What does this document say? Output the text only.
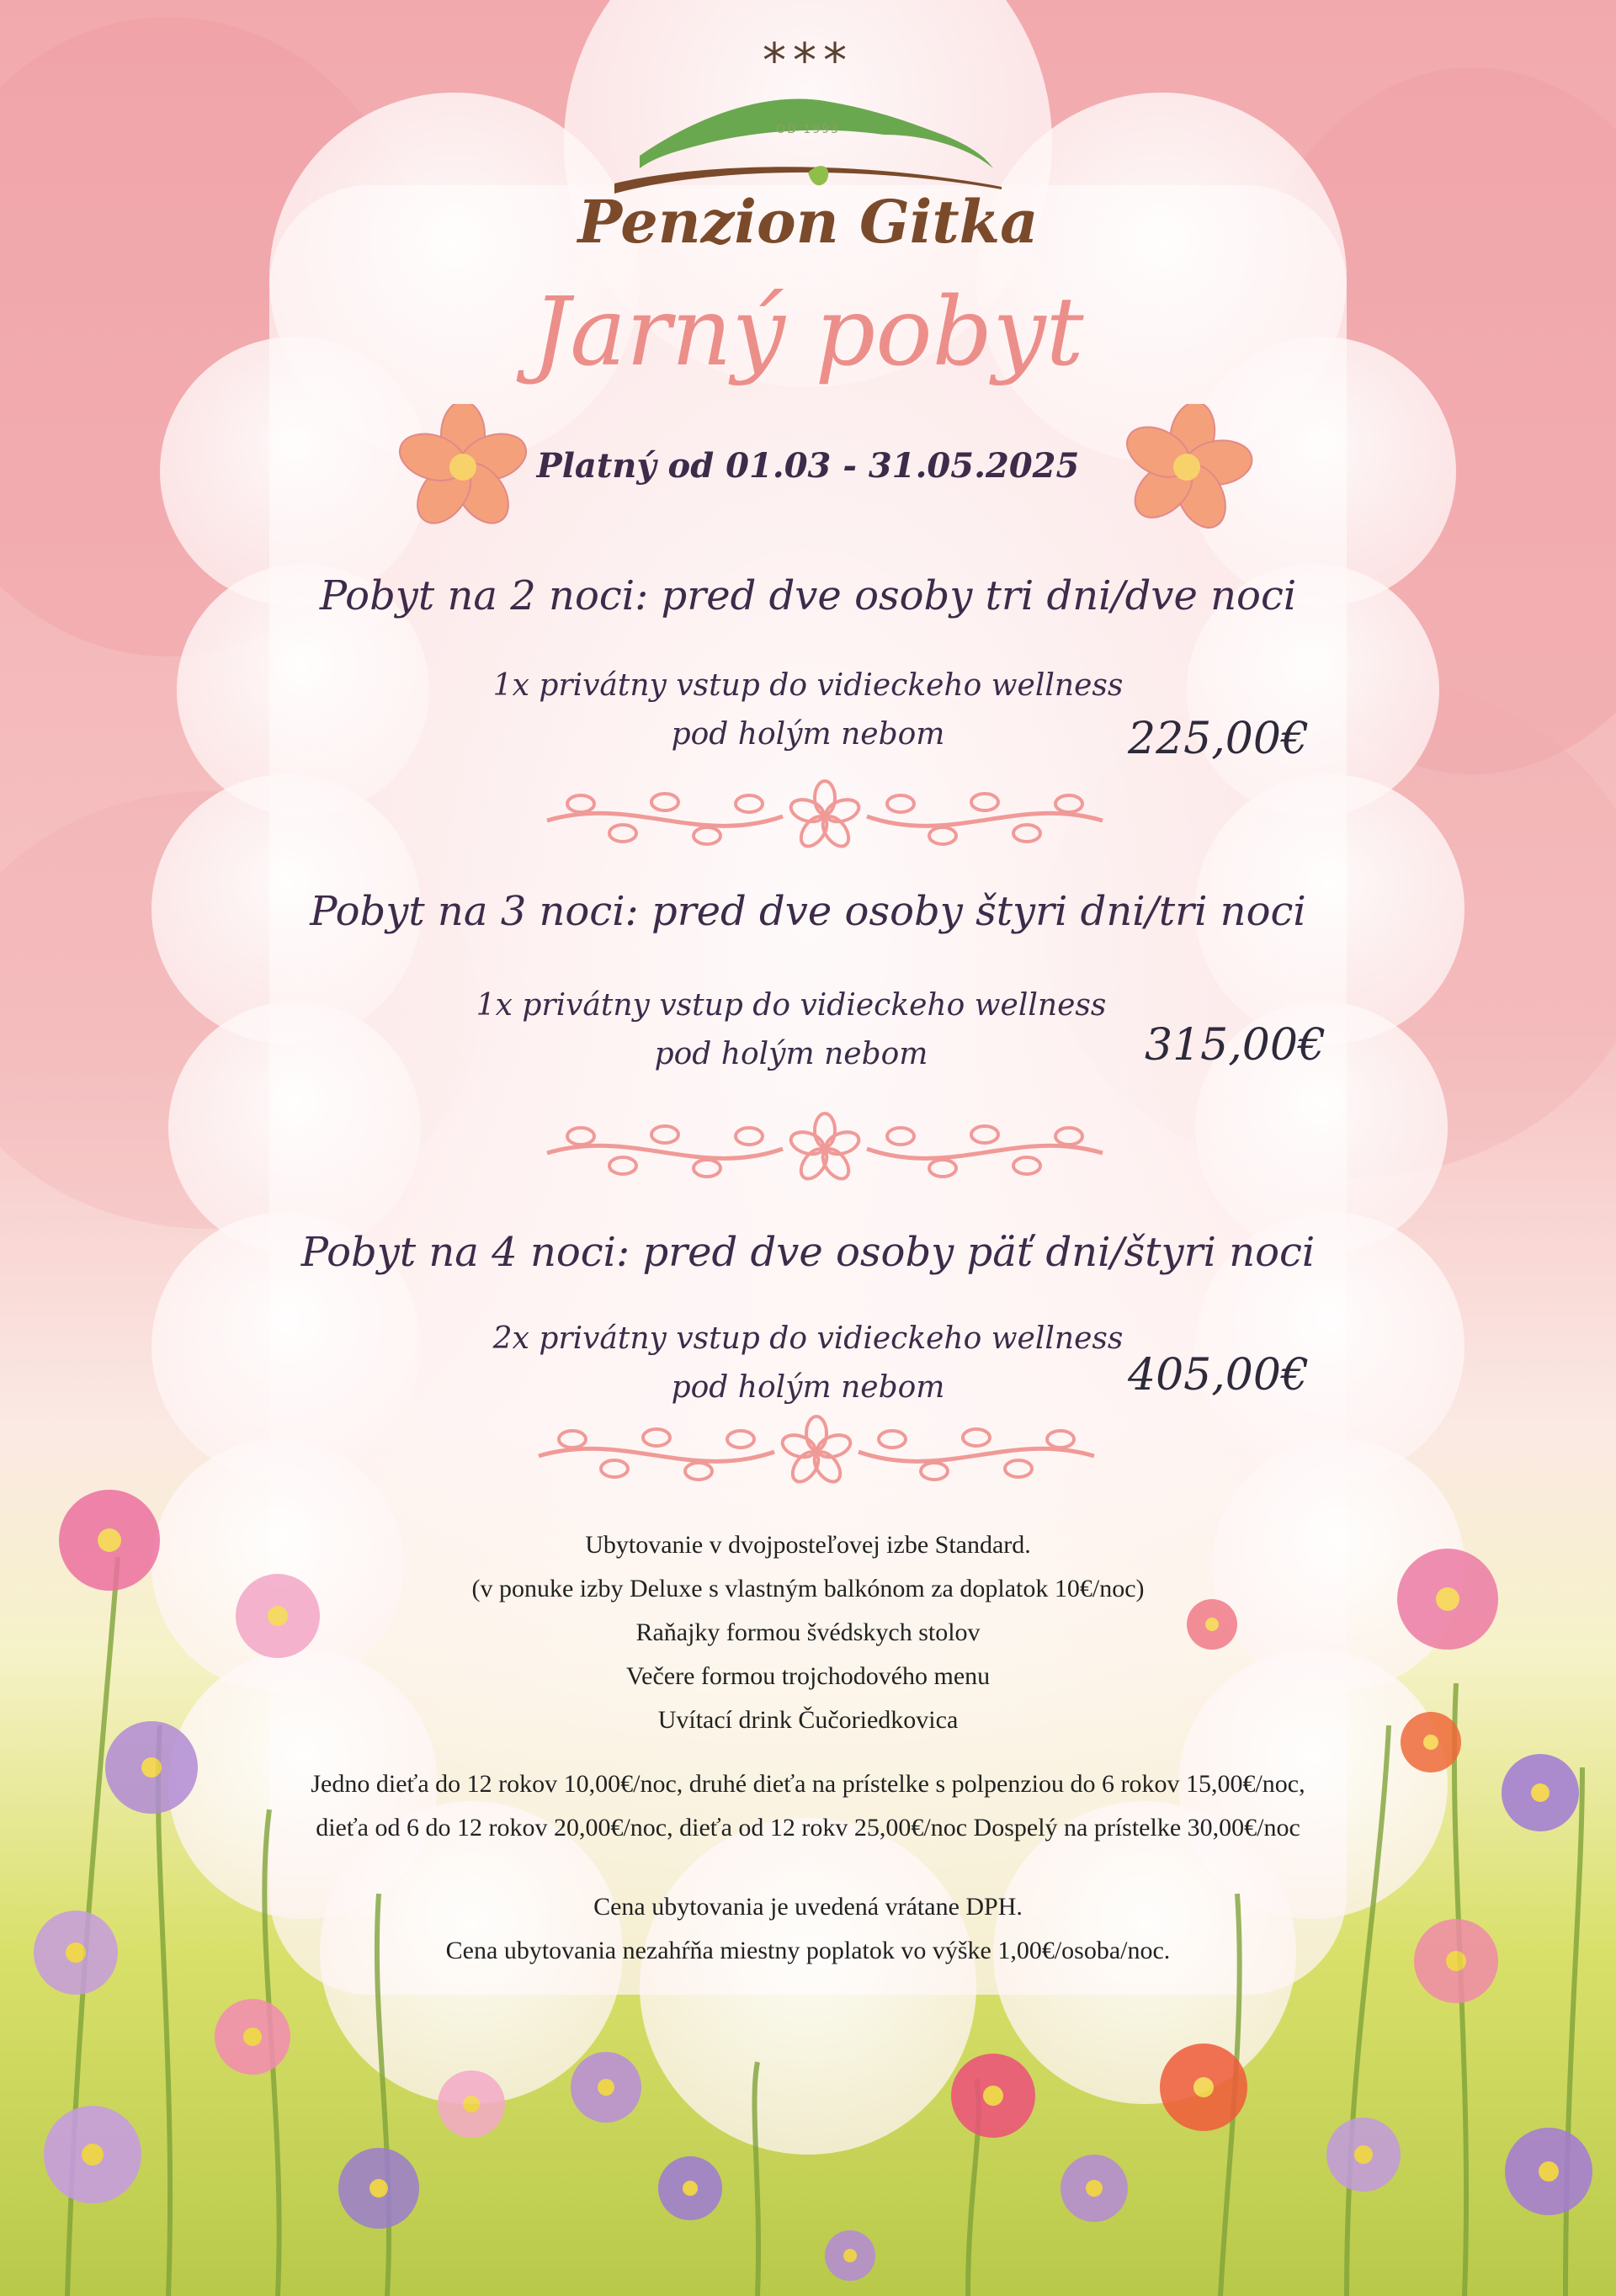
***
OD 1993
Penzion Gitka
Jarný pobyt
Platný od 01.03 - 31.05.2025
Pobyt na 2 noci: pred dve osoby tri dni/dve noci
1x privátny vstup do vidieckeho wellness
pod holým nebom	225,00€
Pobyt na 3 noci: pred dve osoby štyri dni/tri noci
1x privátny vstup do vidieckeho wellness
pod holým nebom	315,00€
Pobyt na 4 noci: pred dve osoby päť dni/štyri noci
2x privátny vstup do vidieckeho wellness
pod holým nebom	405,00€

Ubytovanie v dvojposteľovej izbe Standard.

(v ponuke izby Deluxe s vlastným balkónom za doplatok 10€/noc)

Raňajky formou švédskych stolov

Večere formou trojchodového menu

Uvítací drink Čučoriedkovica

Jedno dieťa do 12 rokov 10,00€/noc, druhé dieťa na prístelke s polpenziou do 6 rokov 15,00€/noc,

dieťa od 6 do 12 rokov 20,00€/noc, dieťa od 12 rokv 25,00€/noc Dospelý na prístelke 30,00€/noc

Cena ubytovania je uvedená vrátane DPH.

Cena ubytovania nezahŕňa miestny poplatok vo výške 1,00€/osoba/noc.
